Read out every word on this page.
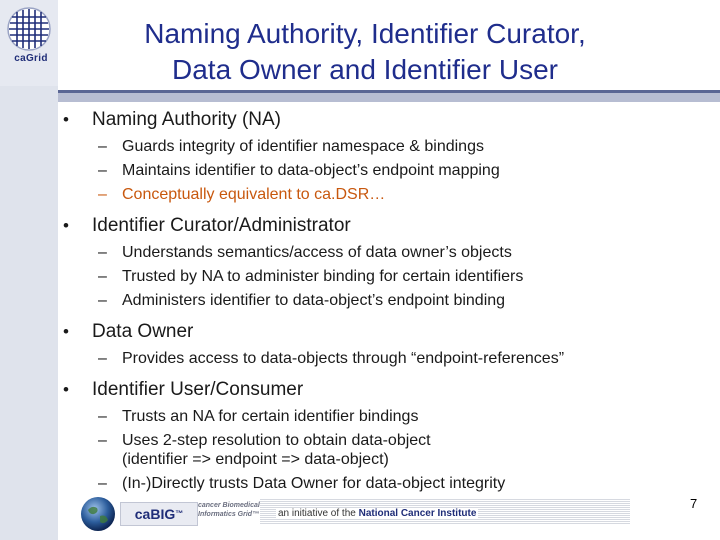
caGrid
Naming Authority, Identifier Curator,
Data Owner and Identifier User
• Naming Authority (NA)
– Guards integrity of identifier namespace & bindings
– Maintains identifier to data-object’s endpoint mapping
– Conceptually equivalent to ca.DSR…
• Identifier Curator/Administrator
– Understands semantics/access of data owner’s objects
– Trusted by NA to administer binding for certain identifiers
– Administers identifier to data-object’s endpoint binding
• Data Owner
– Provides access to data-objects through “endpoint-references”
• Identifier User/Consumer
– Trusts an NA for certain identifier bindings
– Uses 2-step resolution to obtain data-object
(identifier => endpoint => data-object)
– (In-)Directly trusts Data Owner for data-object integrity
caBIG™
cancer Biomedical
Informatics Grid™	an initiative of the National Cancer Institute
7
